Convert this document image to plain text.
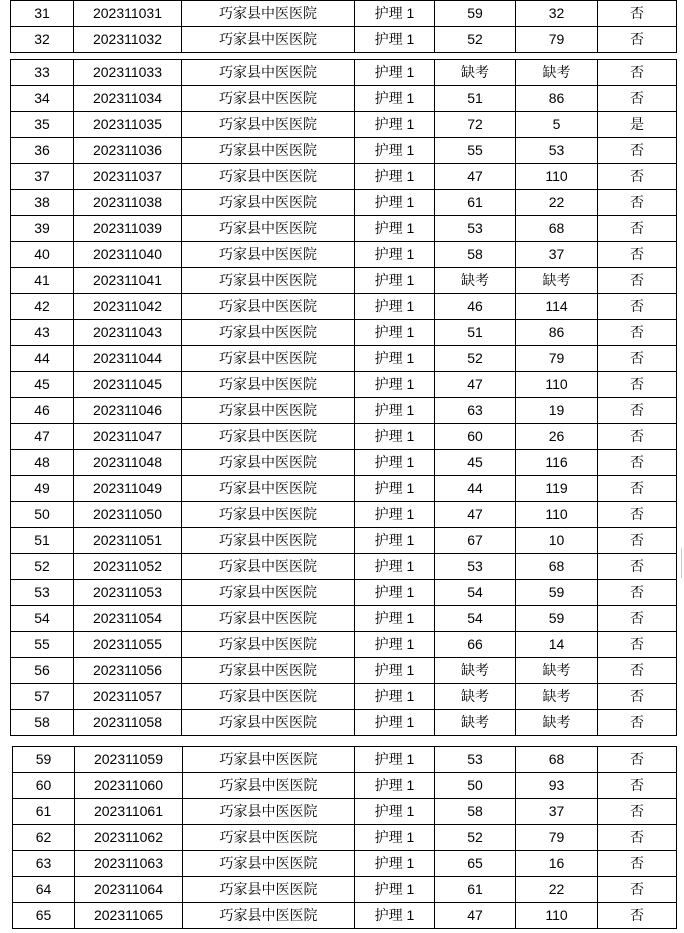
31	202311031	巧家县中医医院	护理 1	59	32	否
32	202311032	巧家县中医医院	护理 1	52	79	否
33	202311033	巧家县中医医院	护理 1	缺考	缺考	否
34	202311034	巧家县中医医院	护理 1	51	86	否
35	202311035	巧家县中医医院	护理 1	72	5	是
36	202311036	巧家县中医医院	护理 1	55	53	否
37	202311037	巧家县中医医院	护理 1	47	110	否
38	202311038	巧家县中医医院	护理 1	61	22	否
39	202311039	巧家县中医医院	护理 1	53	68	否
40	202311040	巧家县中医医院	护理 1	58	37	否
41	202311041	巧家县中医医院	护理 1	缺考	缺考	否
42	202311042	巧家县中医医院	护理 1	46	114	否
43	202311043	巧家县中医医院	护理 1	51	86	否
44	202311044	巧家县中医医院	护理 1	52	79	否
45	202311045	巧家县中医医院	护理 1	47	110	否
46	202311046	巧家县中医医院	护理 1	63	19	否
47	202311047	巧家县中医医院	护理 1	60	26	否
48	202311048	巧家县中医医院	护理 1	45	116	否
49	202311049	巧家县中医医院	护理 1	44	119	否
50	202311050	巧家县中医医院	护理 1	47	110	否
51	202311051	巧家县中医医院	护理 1	67	10	否
52	202311052	巧家县中医医院	护理 1	53	68	否
53	202311053	巧家县中医医院	护理 1	54	59	否
54	202311054	巧家县中医医院	护理 1	54	59	否
55	202311055	巧家县中医医院	护理 1	66	14	否
56	202311056	巧家县中医医院	护理 1	缺考	缺考	否
57	202311057	巧家县中医医院	护理 1	缺考	缺考	否
58	202311058	巧家县中医医院	护理 1	缺考	缺考	否
59	202311059	巧家县中医医院	护理 1	53	68	否
60	202311060	巧家县中医医院	护理 1	50	93	否
61	202311061	巧家县中医医院	护理 1	58	37	否
62	202311062	巧家县中医医院	护理 1	52	79	否
63	202311063	巧家县中医医院	护理 1	65	16	否
64	202311064	巧家县中医医院	护理 1	61	22	否
65	202311065	巧家县中医医院	护理 1	47	110	否
